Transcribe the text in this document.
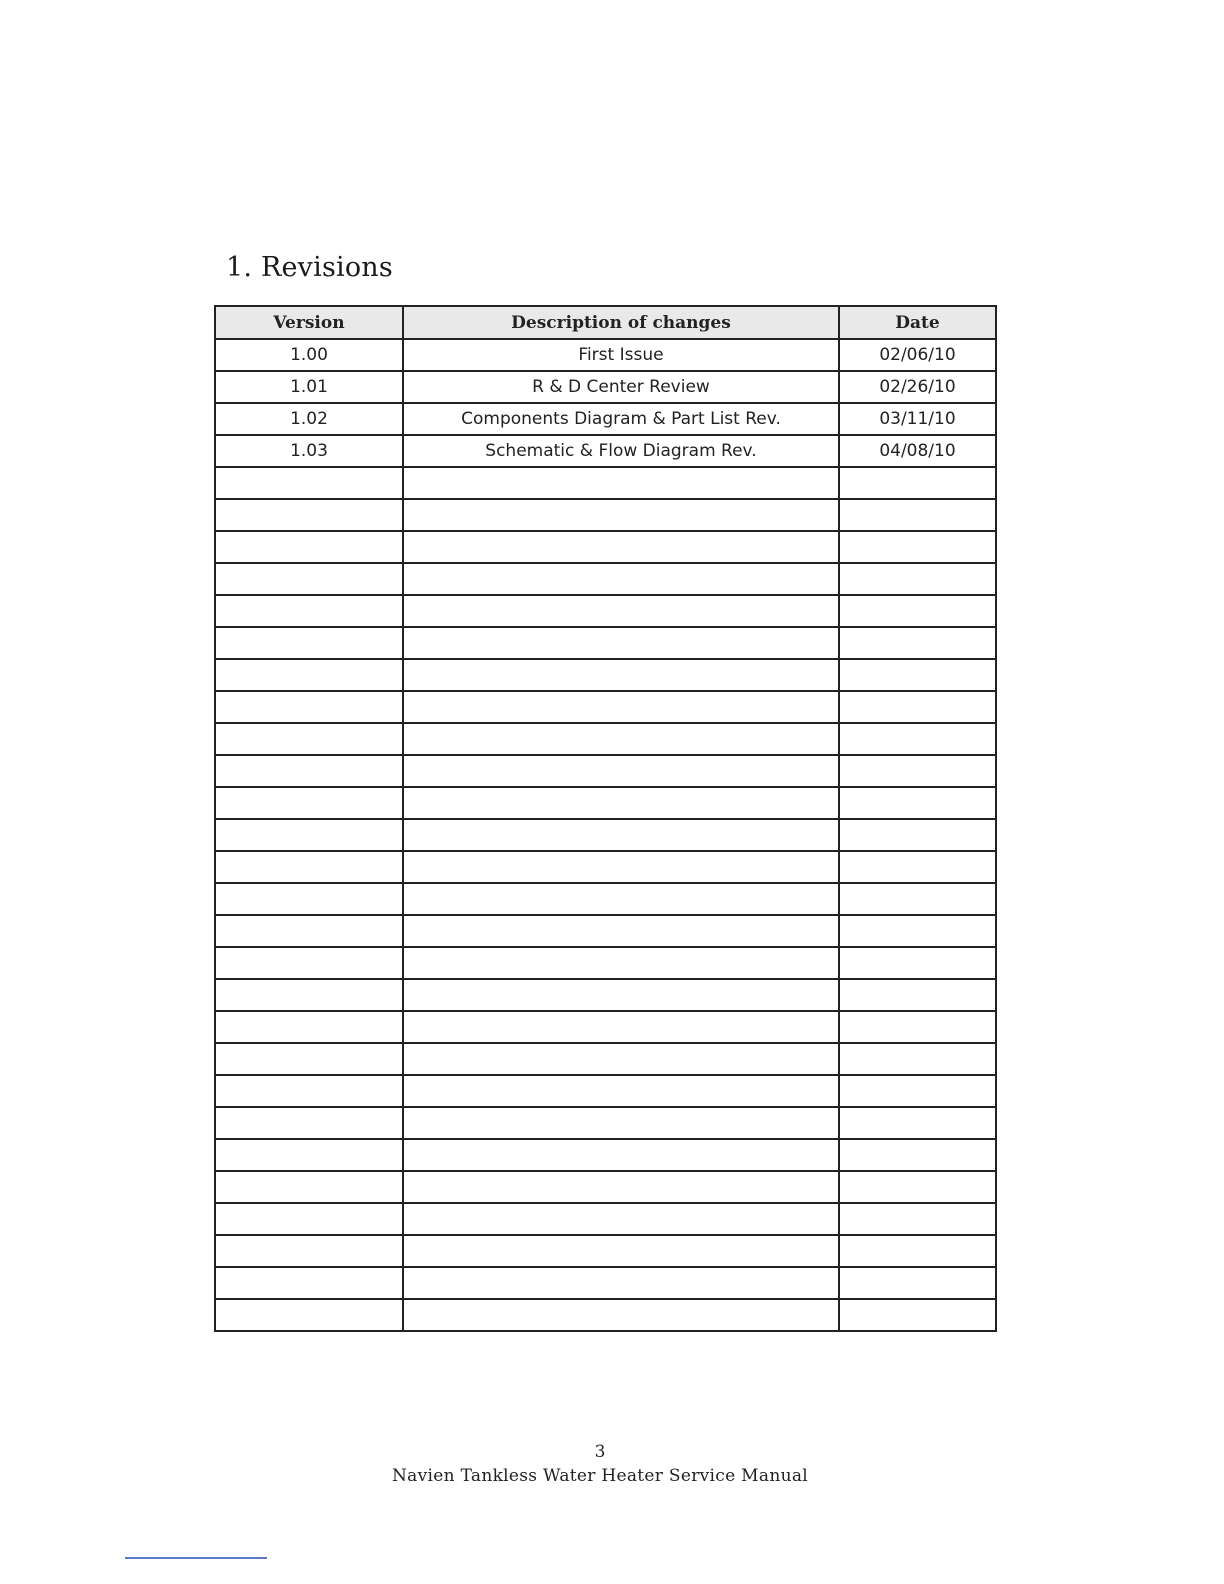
1. Revisions
Version	Description of changes	Date
1.00	First Issue	02/06/10
1.01	R & D Center Review	02/26/10
1.02	Components Diagram & Part List Rev.	03/11/10
1.03	Schematic & Flow Diagram Rev.	04/08/10

3
Navien Tankless Water Heater Service Manual
